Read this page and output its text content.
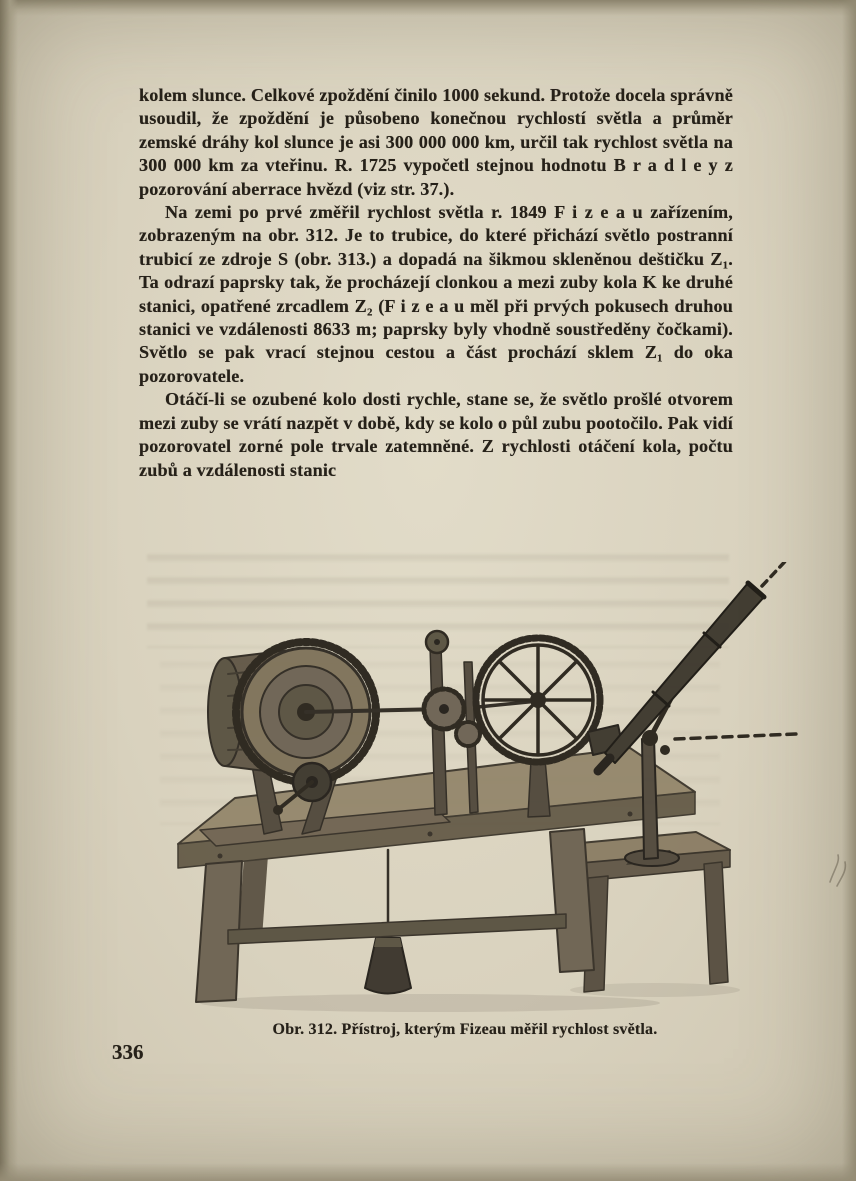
kolem slunce. Celkové zpoždění činilo 1000 sekund. Protože docela správně usoudil, že zpoždění je působeno konečnou rychlostí světla a průměr zemské dráhy kol slunce je asi 300 000 000 km, určil tak rychlost světla na 300 000 km za vteřinu. R. 1725 vypočetl stejnou hodnotu B r a d l e y z pozorování aberrace hvězd (viz str. 37.).

Na zemi po prvé změřil rychlost světla r. 1849 F i z e a u zařízením, zobrazeným na obr. 312. Je to trubice, do které přichází světlo postranní trubicí ze zdroje S (obr. 313.) a dopadá na šikmou skleněnou deštičku Z₁. Ta odrazí paprsky tak, že procházejí clonkou a mezi zuby kola K ke druhé stanici, opatřené zrcadlem Z₂ (F i z e a u měl při prvých pokusech druhou stanici ve vzdálenosti 8633 m; paprsky byly vhodně soustředěny čočkami). Světlo se pak vrací stejnou cestou a část prochází sklem Z₁ do oka pozorovatele.

Otáčí-li se ozubené kolo dosti rychle, stane se, že světlo prošlé otvorem mezi zuby se vrátí nazpět v době, kdy se kolo o půl zubu pootočilo. Pak vidí pozorovatel zorné pole trvale zatemněné. Z rychlosti otáčení kola, počtu zubů a vzdálenosti stanic

Obr. 312. Přístroj, kterým Fizeau měřil rychlost světla.
336
